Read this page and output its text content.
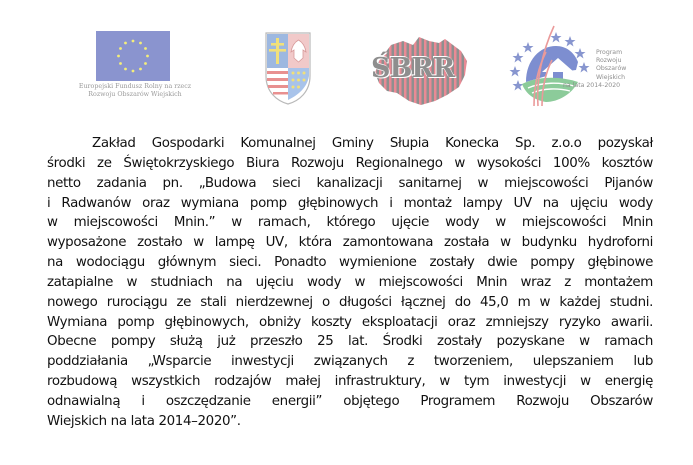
Europejski Fundusz Rolny na rzecz
Rozwoju Obszarów Wiejskich
ŚBRR
Program
Rozwoju
Obszarów
Wiejskich
na lata 2014-2020
Zakład Gospodarki Komunalnej Gminy Słupia Konecka Sp. z.o.o pozyskał
środki ze Świętokrzyskiego Biura Rozwoju Regionalnego w wysokości 100% kosztów
netto zadania pn. „Budowa sieci kanalizacji sanitarnej w miejscowości Pijanów
i Radwanów oraz wymiana pomp głębinowych i montaż lampy UV na ujęciu wody
w miejscowości Mnin.” w ramach, którego ujęcie wody w miejscowości Mnin
wyposażone zostało w lampę UV, która zamontowana została w budynku hydroforni
na wodociągu głównym sieci. Ponadto wymienione zostały dwie pompy głębinowe
zatapialne w studniach na ujęciu wody w miejscowości Mnin wraz z montażem
nowego rurociągu ze stali nierdzewnej o długości łącznej do 45,0 m w każdej studni.
Wymiana pomp głębinowych, obniży koszty eksploatacji oraz zmniejszy ryzyko awarii.
Obecne pompy służą już przeszło 25 lat. Środki zostały pozyskane w ramach
poddziałania „Wsparcie inwestycji związanych z tworzeniem, ulepszaniem lub
rozbudową wszystkich rodzajów małej infrastruktury, w tym inwestycji w energię
odnawialną i oszczędzanie energii” objętego Programem Rozwoju Obszarów
Wiejskich na lata 2014–2020”.
